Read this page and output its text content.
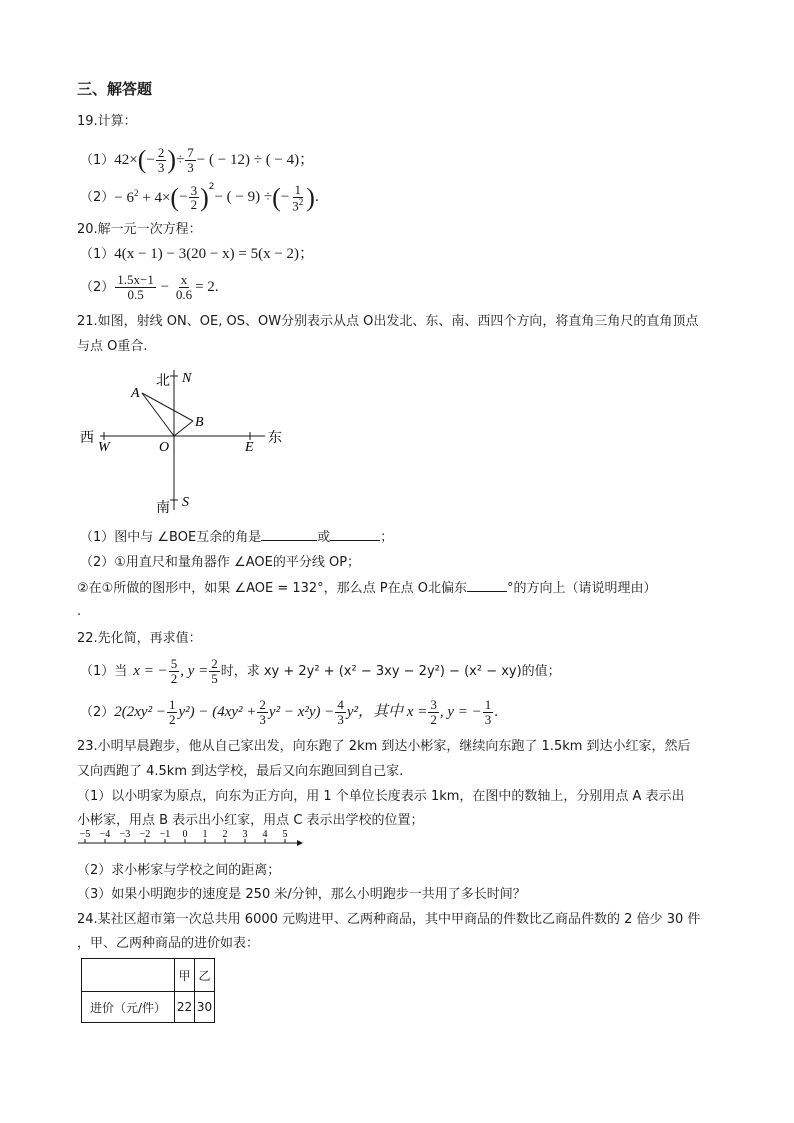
三、解答题
19.计算：
（1） 42× ( − $\frac{2}{3}$ ) ÷ $\frac{7}{3}$ − ( − 12) ÷ ( − 4)；
$(2) - 6^2 + 4\times$ ( − $\frac{3}{2} )^2$
− ( − 9) ÷ ( − $\frac{1}{3^2}$ ) .
20.解一元一次方程：
（1）4(x − 1) − 3(20 − x) = 5(x − 2)；
$(2) \frac{1.5x-1}{0.5} - \frac{x}{0.6} = 2$.
21.如图，射线 ON、OE, OS、OW分别表示从点 O出发北、东、南、西四个方向，将直角三角尺的直角顶点
与点 O重合.
北 N
西
W	O	E
东
A
B
南 S
−5 −4 −3 −2 −1 0 1 2 3 4 5
（1）图中与 ∠BOE互余的角是	或	；
（2）①用直尺和量角器作 ∠AOE的平分线 OP；
②在①所做的图形中，如果 ∠AOE = 132°，那么点 P在点 O北偏东	°的方向上（请说明理由）
.
22.先化简，再求值：
（1）当 x = − $\frac{5}{2}$ , $y = \frac{2}{5}$ 时，求 xy + 2y² + (x² − 3xy − 2y²) − (x² − xy)的值；
（2） $2(2xy^2 - \frac{1}{2} y^2) - (4xy^2 + \frac{2}{3} y^2 - x^2y) - \frac{4}{3} y^2$，其中 $x = \frac{3}{2}$ , y = − $\frac{1}{3}$ .
23.小明早晨跑步，他从自己家出发，向东跑了 2km 到达小彬家，继续向东跑了 1.5km 到达小红家，然后
又向西跑了 4.5km 到达学校，最后又向东跑回到自己家.
（1）以小明家为原点，向东为正方向，用 1 个单位长度表示 1km，在图中的数轴上，分别用点 A 表示出
小彬家，用点 B 表示出小红家，用点 C 表示出学校的位置；
（2）求小彬家与学校之间的距离；
（3）如果小明跑步的速度是 250 米/分钟，那么小明跑步一共用了多长时间？
24.某社区超市第一次总共用 6000 元购进甲、乙两种商品，其中甲商品的件数比乙商品件数的 2 倍少 30 件
，甲、乙两种商品的进价如表：
	甲	乙
进价（元/件）	22	30
